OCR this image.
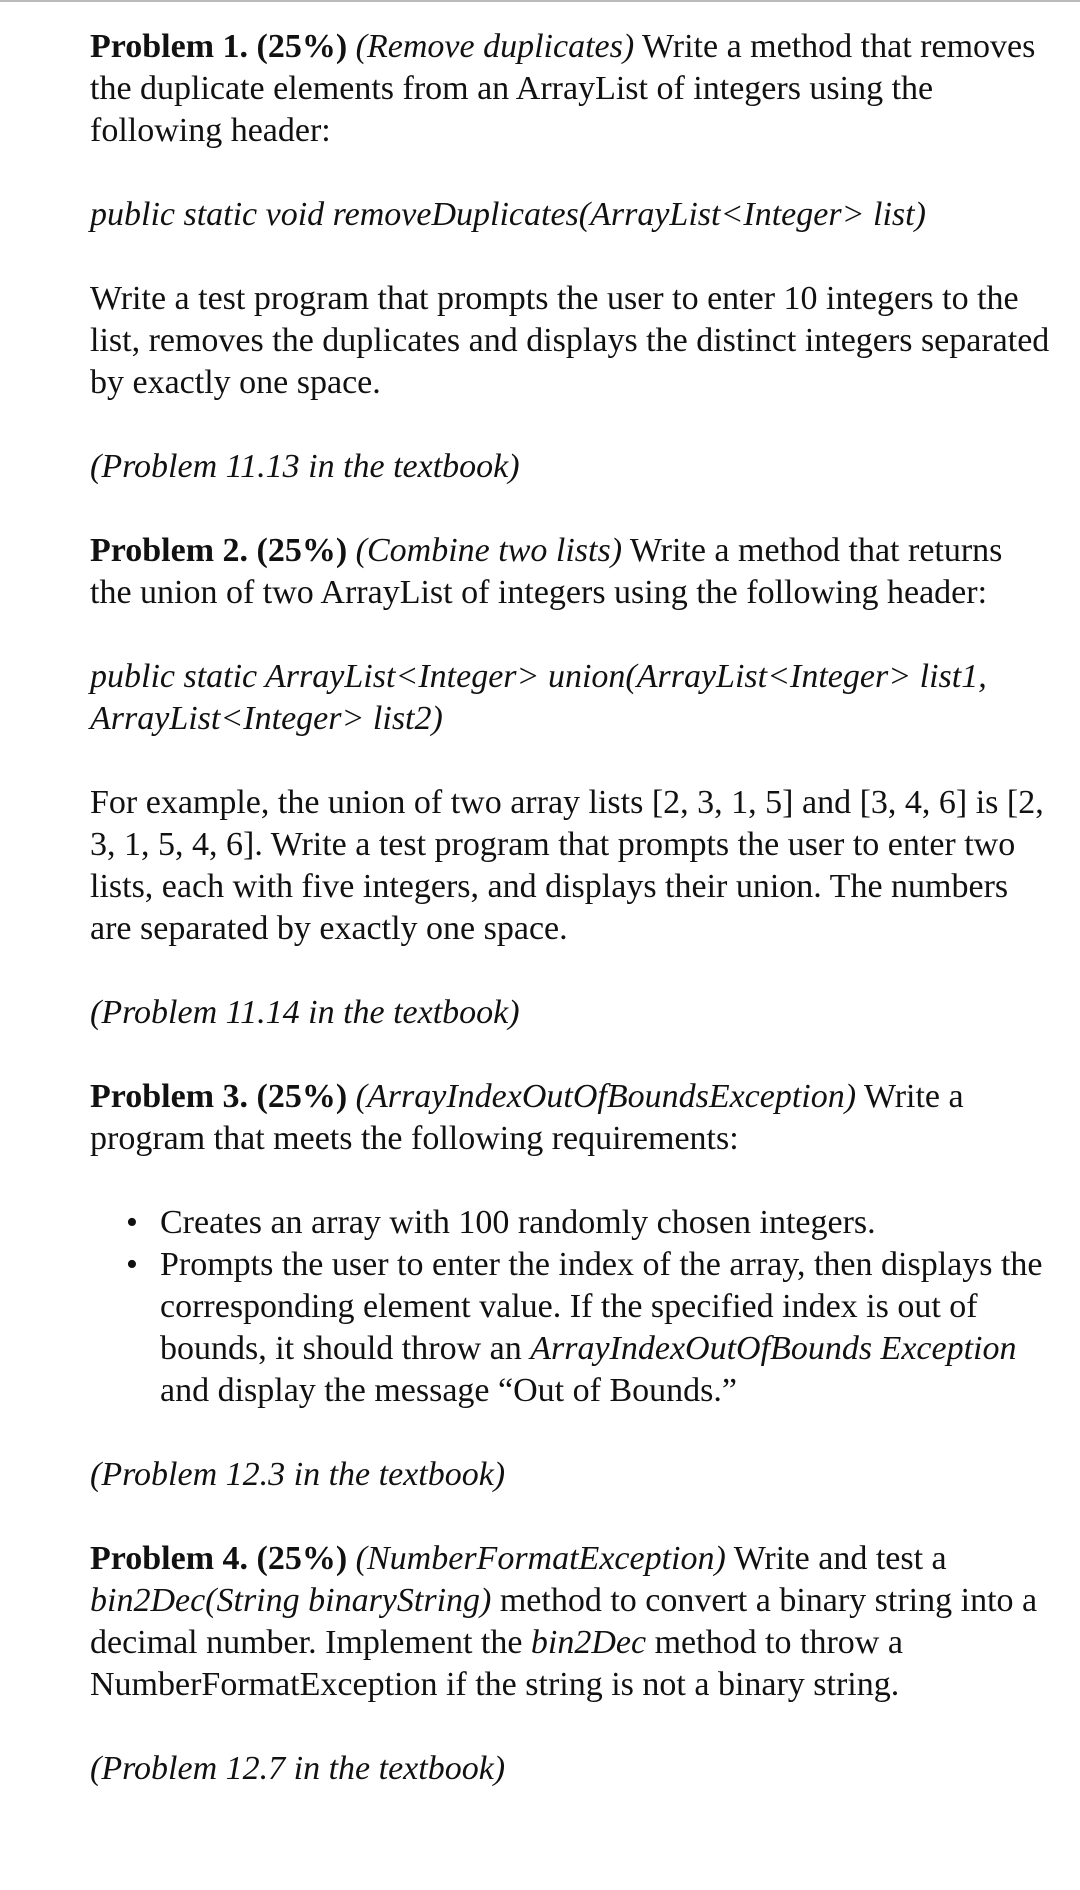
Problem 1. (25%) (Remove duplicates) Write a method that removes the duplicate elements from an ArrayList of integers using the following header:

public static void removeDuplicates(ArrayList<Integer> list)

Write a test program that prompts the user to enter 10 integers to the list, removes the duplicates and displays the distinct integers separated by exactly one space.

(Problem 11.13 in the textbook)

Problem 2. (25%) (Combine two lists) Write a method that returns the union of two ArrayList of integers using the following header:

public static ArrayList<Integer> union(ArrayList<Integer> list1, ArrayList<Integer> list2)

For example, the union of two array lists [2, 3, 1, 5] and [3, 4, 6] is [2, 3, 1, 5, 4, 6]. Write a test program that prompts the user to enter two lists, each with five integers, and displays their union. The numbers are separated by exactly one space.

(Problem 11.14 in the textbook)

Problem 3. (25%) (ArrayIndexOutOfBoundsException) Write a program that meets the following requirements:

• Creates an array with 100 randomly chosen integers.
• Prompts the user to enter the index of the array, then displays the corresponding element value. If the specified index is out of bounds, it should throw an ArrayIndexOutOfBounds Exception and display the message “Out of Bounds.”

(Problem 12.3 in the textbook)

Problem 4. (25%) (NumberFormatException) Write and test a bin2Dec(String binaryString) method to convert a binary string into a decimal number. Implement the bin2Dec method to throw a NumberFormatException if the string is not a binary string.

(Problem 12.7 in the textbook)
